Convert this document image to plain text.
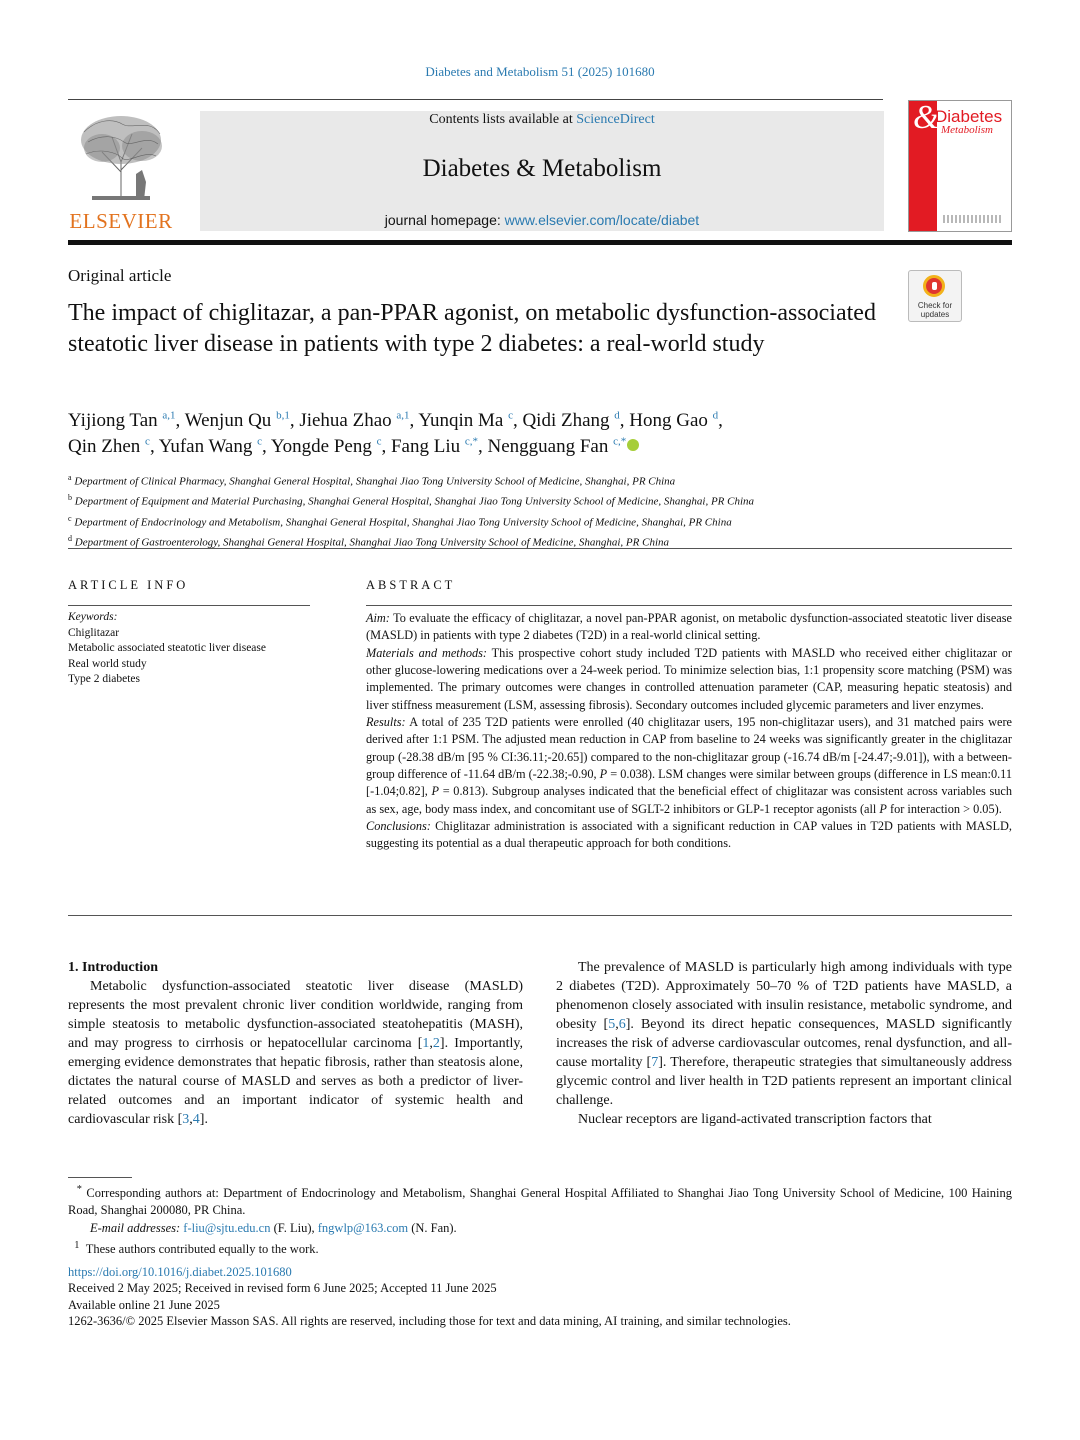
Diabetes and Metabolism 51 (2025) 101680
ELSEVIER
Contents lists available at ScienceDirect
Diabetes & Metabolism
journal homepage: www.elsevier.com/locate/diabet
&
Diabetes
Metabolism
Original article
Check for updates
The impact of chiglitazar, a pan-PPAR agonist, on metabolic dysfunction-associated steatotic liver disease in patients with type 2 diabetes: a real-world study
Yijiong Tan $^{a,1}$, Wenjun Qu $^{b,1}$, Jiehua Zhao $^{a,1}$, Yunqin Ma $^c$, Qidi Zhang $^d$, Hong Gao $^d$,
Qin Zhen $^c$, Yufan Wang $^c$, Yongde Peng $^c$, Fang Liu $^{c,*}$, Nengguang Fan $^{c,*}$
$^a$ Department of Clinical Pharmacy, Shanghai General Hospital, Shanghai Jiao Tong University School of Medicine, Shanghai, PR China
$^b$ Department of Equipment and Material Purchasing, Shanghai General Hospital, Shanghai Jiao Tong University School of Medicine, Shanghai, PR China
$^c$ Department of Endocrinology and Metabolism, Shanghai General Hospital, Shanghai Jiao Tong University School of Medicine, Shanghai, PR China
$^d$ Department of Gastroenterology, Shanghai General Hospital, Shanghai Jiao Tong University School of Medicine, Shanghai, PR China
ARTICLE INFO	ABSTRACT
Keywords:
Chiglitazar
Metabolic associated steatotic liver disease
Real world study
Type 2 diabetes

Aim: To evaluate the efficacy of chiglitazar, a novel pan-PPAR agonist, on metabolic dysfunction-associated steatotic liver disease (MASLD) in patients with type 2 diabetes (T2D) in a real-world clinical setting.

Materials and methods: This prospective cohort study included T2D patients with MASLD who received either chiglitazar or other glucose-lowering medications over a 24-week period. To minimize selection bias, 1:1 propensity score matching (PSM) was implemented. The primary outcomes were changes in controlled attenuation parameter (CAP, measuring hepatic steatosis) and liver stiffness measurement (LSM, assessing fibrosis). Secondary outcomes included glycemic parameters and liver enzymes.

Results: A total of 235 T2D patients were enrolled (40 chiglitazar users, 195 non-chiglitazar users), and 31 matched pairs were derived after 1:1 PSM. The adjusted mean reduction in CAP from baseline to 24 weeks was significantly greater in the chiglitazar group (-28.38 dB/m [95 % CI:36.11;-20.65]) compared to the non-chiglitazar group (-16.74 dB/m [-24.47;-9.01]), with a between-group difference of -11.64 dB/m (-22.38;-0.90, P = 0.038). LSM changes were similar between groups (difference in LS mean:0.11 [-1.04;0.82], P = 0.813). Subgroup analyses indicated that the beneficial effect of chiglitazar was consistent across variables such as sex, age, body mass index, and concomitant use of SGLT-2 inhibitors or GLP-1 receptor agonists (all P for interaction > 0.05).

Conclusions: Chiglitazar administration is associated with a significant reduction in CAP values in T2D patients with MASLD, suggesting its potential as a dual therapeutic approach for both conditions.

1. Introduction

Metabolic dysfunction-associated steatotic liver disease (MASLD) represents the most prevalent chronic liver condition worldwide, ranging from simple steatosis to metabolic dysfunction-associated steatohepatitis (MASH), and may progress to cirrhosis or hepatocellular carcinoma [1,2]. Importantly, emerging evidence demonstrates that hepatic fibrosis, rather than steatosis alone, dictates the natural course of MASLD and serves as both a predictor of liver-related outcomes and an important indicator of systemic health and cardiovascular risk [3,4].

The prevalence of MASLD is particularly high among individuals with type 2 diabetes (T2D). Approximately 50–70 % of T2D patients have MASLD, a phenomenon closely associated with insulin resistance, metabolic syndrome, and obesity [5,6]. Beyond its direct hepatic consequences, MASLD significantly increases the risk of adverse cardiovascular outcomes, renal dysfunction, and all-cause mortality [7]. Therefore, therapeutic strategies that simultaneously address glycemic control and liver health in T2D patients represent an important clinical challenge.

Nuclear receptors are ligand-activated transcription factors that

* Corresponding authors at: Department of Endocrinology and Metabolism, Shanghai General Hospital Affiliated to Shanghai Jiao Tong University School of Medicine, 100 Haining Road, Shanghai 200080, PR China.

E-mail addresses: f-liu@sjtu.edu.cn (F. Liu), fngwlp@163.com (N. Fan).

$^1$ These authors contributed equally to the work.

https://doi.org/10.1016/j.diabet.2025.101680
Received 2 May 2025; Received in revised form 6 June 2025; Accepted 11 June 2025
Available online 21 June 2025
1262-3636/© 2025 Elsevier Masson SAS. All rights are reserved, including those for text and data mining, AI training, and similar technologies.
